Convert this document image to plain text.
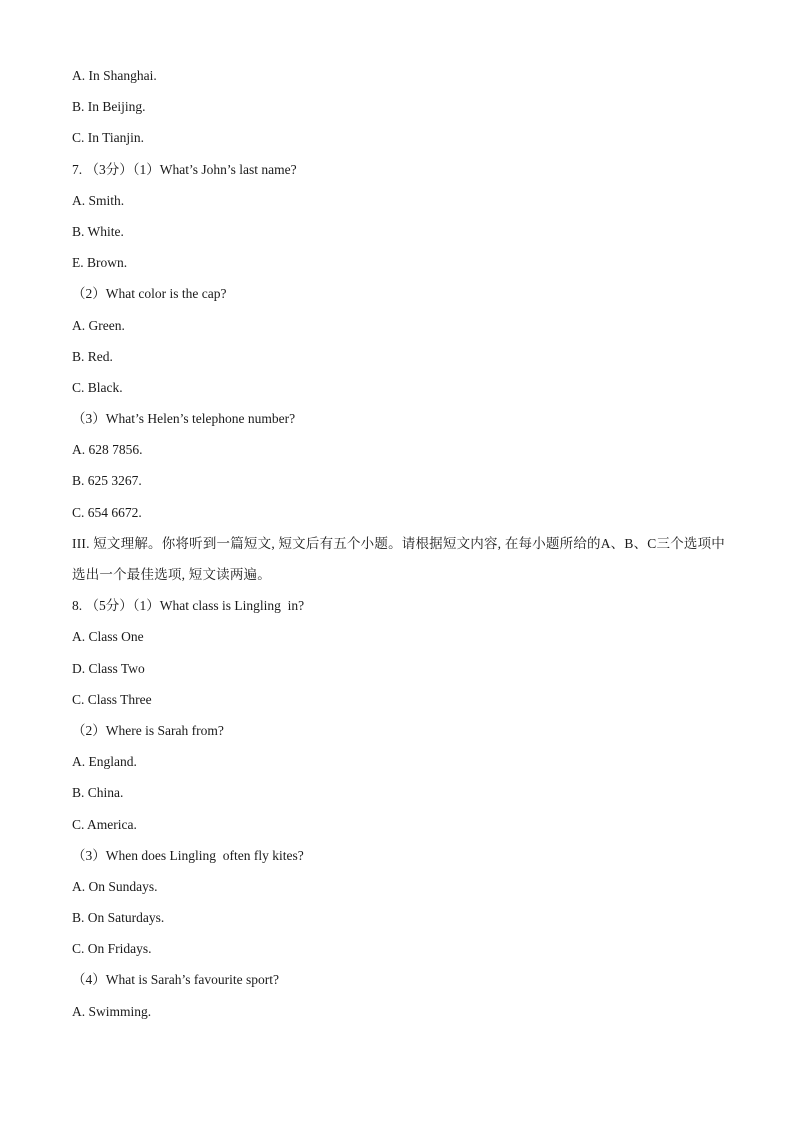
A. In Shanghai.
B. In Beijing.
C. In Tianjin.
7. （3分）（1）What’s John’s last name?
A. Smith.
B. White.
E. Brown.
（2）What color is the cap?
A. Green.
B. Red.
C. Black.
（3）What’s Helen’s telephone number?
A. 628 7856.
B. 625 3267.
C. 654 6672.
III. 短文理解。你将听到一篇短文, 短文后有五个小题。请根据短文内容, 在每小题所给的A、B、C三个选项中选出一个最佳选项, 短文读两遍。
8. （5分）（1）What class is Lingling  in?
A. Class One
D. Class Two
C. Class Three
（2）Where is Sarah from?
A. England.
B. China.
C. America.
（3）When does Lingling  often fly kites?
A. On Sundays.
B. On Saturdays.
C. On Fridays.
（4）What is Sarah’s favourite sport?
A. Swimming.
